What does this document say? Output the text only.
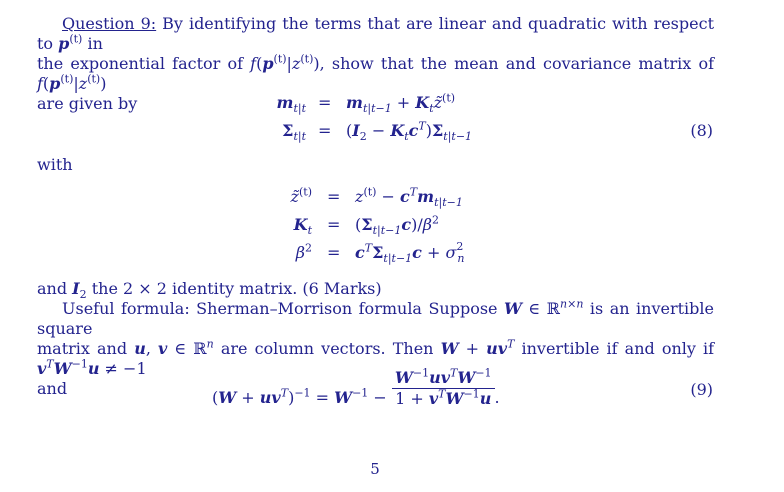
Question 9: By identifying the terms that are linear and quadratic with respect to $p^{(t)}$ in
the exponential factor of $f(p^{(t)}|z^{(t)})$, show that the mean and covariance matrix of $f(p^{(t)}|z^{(t)})$
are given by	$m_{t|t} = m_{t|t-1}$ + $K_tz̃^{(t)}$
$\Sigma_{t|t} = (I_2 - K_tc^T)\Sigma_{t|t-1}$	(8)
with
z̃$^{(t)}$ = $z^{(t)} - c^Tm_{t|t-1}$
$K_t = (\Sigma_{t|t-1}c)/\beta^2$
$\beta^2 = c^T\Sigma_{t|t-1}c + \sigma^2_n$
and $I_2$ the 2 × 2 identity matrix. (6 Marks)
Useful formula: Sherman–Morrison formula Suppose W ∈ ℝ$^{n\times n}$ is an invertible square
matrix and u, v ∈ ℝ$^n$ are column vectors. Then $W + uv^T$ invertible if and only if $v^TW^{-1}u \ne -1$
and	$(W + uv^T)^{-1} = W^{-1} - \frac{W^{-1}uv^TW^{-1}}{1 + v^TW^{-1}u}$ .	(9)
5
